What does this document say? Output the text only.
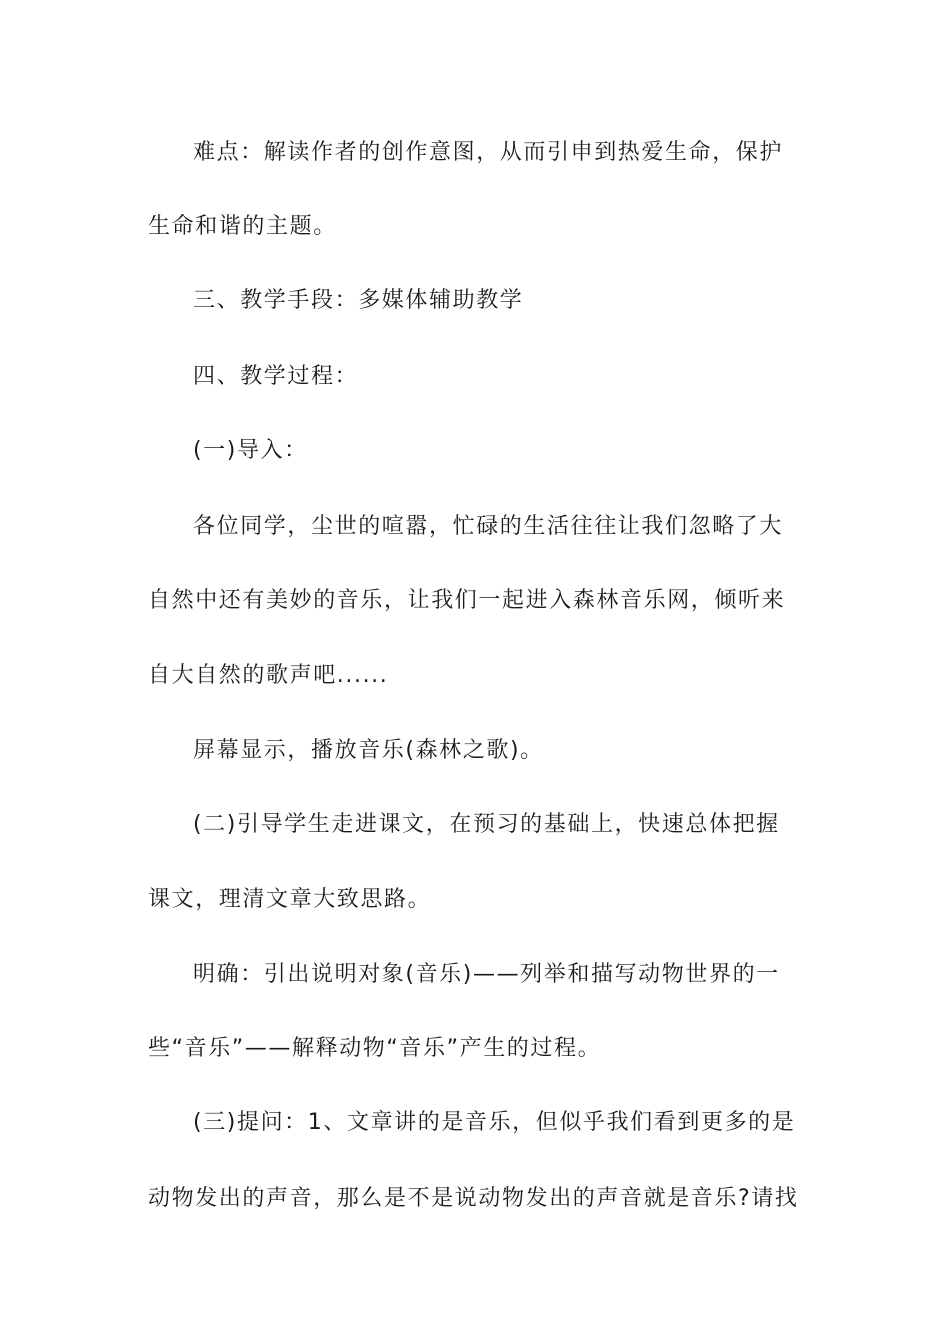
难点：解读作者的创作意图，从而引申到热爱生命，保护
生命和谐的主题。
三、教学手段：多媒体辅助教学
四、教学过程：
(一)导入：
各位同学，尘世的喧嚣，忙碌的生活往往让我们忽略了大
自然中还有美妙的音乐，让我们一起进入森林音乐网，倾听来
自大自然的歌声吧......
屏幕显示，播放音乐(森林之歌)。
(二)引导学生走进课文，在预习的基础上，快速总体把握
课文，理清文章大致思路。
明确：引出说明对象(音乐)——列举和描写动物世界的一
些“音乐”——解释动物“音乐”产生的过程。
(三)提问：1、文章讲的是音乐，但似乎我们看到更多的是
动物发出的声音，那么是不是说动物发出的声音就是音乐?请找
